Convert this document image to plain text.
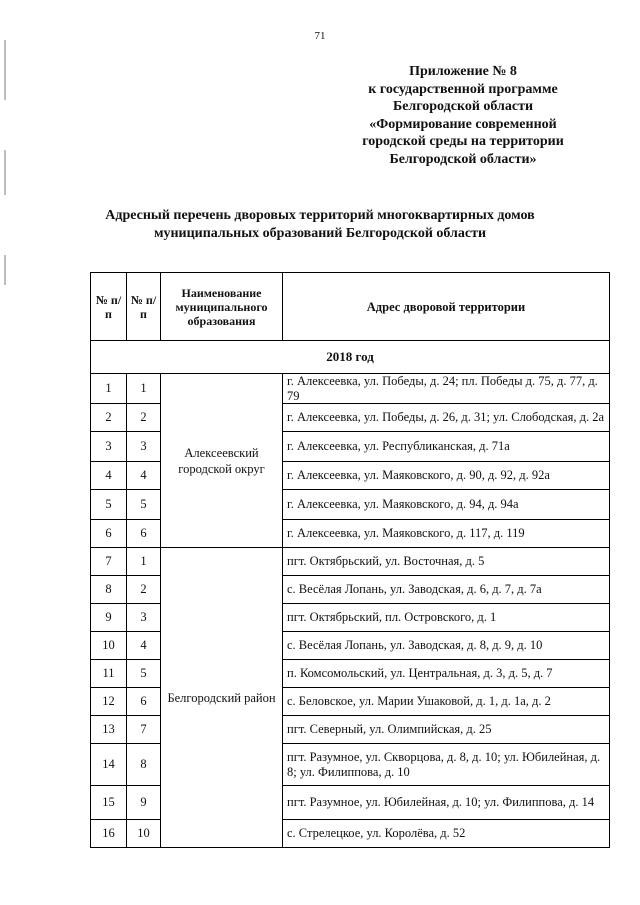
71
Приложение № 8
к государственной программе
Белгородской области
«Формирование современной
городской среды на территории
Белгородской области»
Адресный перечень дворовых территорий многоквартирных домов
муниципальных образований Белгородской области
№ п/п	№ п/п	Наименование муниципального образования	Адрес дворовой территории
2018 год			
1	1	Алексеевский городской округ	г. Алексеевка, ул. Победы, д. 24; пл. Победы д. 75, д. 77, д. 79
2	2		г. Алексеевка, ул. Победы, д. 26, д. 31; ул. Слободская, д. 2а
3	3		г. Алексеевка, ул. Республиканская, д. 71а
4	4		г. Алексеевка, ул. Маяковского, д. 90, д. 92, д. 92а
5	5		г. Алексеевка, ул. Маяковского, д. 94, д. 94а
6	6		г. Алексеевка, ул. Маяковского, д. 117, д. 119
7	1	Белгородский район	пгт. Октябрьский, ул. Восточная, д. 5
8	2		с. Весёлая Лопань, ул. Заводская, д. 6, д. 7, д. 7а
9	3		пгт. Октябрьский, пл. Островского, д. 1
10	4		с. Весёлая Лопань, ул. Заводская, д. 8, д. 9, д. 10
11	5		п. Комсомольский, ул. Центральная, д. 3, д. 5, д. 7
12	6		с. Беловское, ул. Марии Ушаковой, д. 1, д. 1а, д. 2
13	7		пгт. Северный, ул. Олимпийская, д. 25
14	8		пгт. Разумное, ул. Скворцова, д. 8, д. 10; ул. Юбилейная, д. 8; ул. Филиппова, д. 10
15	9		пгт. Разумное, ул. Юбилейная, д. 10; ул. Филиппова, д. 14
16	10		с. Стрелецкое, ул. Королёва, д. 52
